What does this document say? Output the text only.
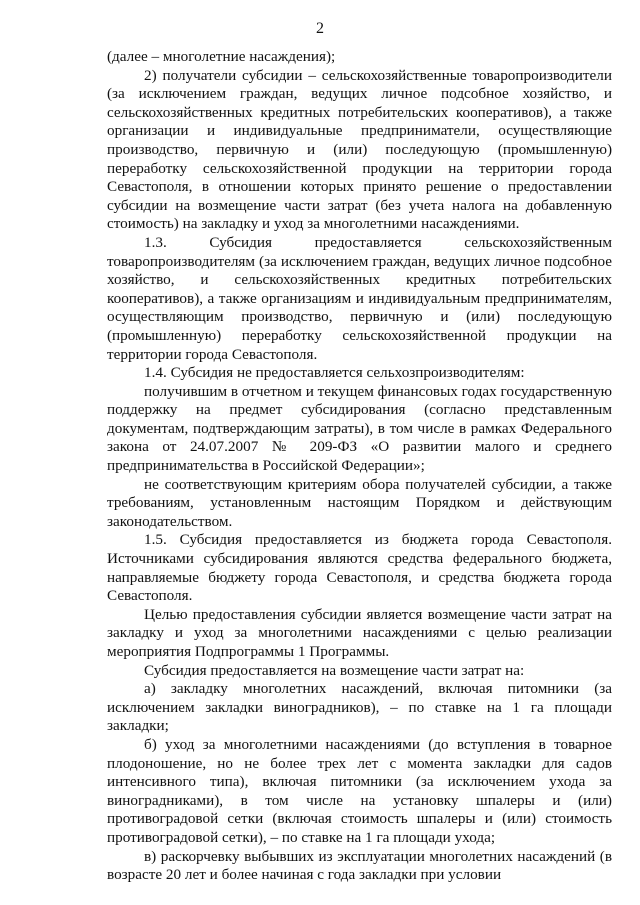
2

(далее – многолетние насаждения);

2) получатели субсидии – сельскохозяйственные товаропроизводители (за исключением граждан, ведущих личное подсобное хозяйство, и сельскохозяйственных кредитных потребительских кооперативов), а также организации и индивидуальные предприниматели, осуществляющие производство, первичную и (или) последующую (промышленную) переработку сельскохозяйственной продукции на территории города Севастополя, в отношении которых принято решение о предоставлении субсидии на возмещение части затрат (без учета налога на добавленную стоимость) на закладку и уход за многолетними насаждениями.

1.3. Субсидия предоставляется сельскохозяйственным товаропроизводителям (за исключением граждан, ведущих личное подсобное хозяйство, и сельскохозяйственных кредитных потребительских кооперативов), а также организациям и индивидуальным предпринимателям, осуществляющим производство, первичную и (или) последующую (промышленную) переработку сельскохозяйственной продукции на территории города Севастополя.

1.4. Субсидия не предоставляется сельхозпроизводителям:

получившим в отчетном и текущем финансовых годах государственную поддержку на предмет субсидирования (согласно представленным документам, подтверждающим затраты), в том числе в рамках Федерального закона от 24.07.2007 № 209-ФЗ «О развитии малого и среднего предпринимательства в Российской Федерации»;

не соответствующим критериям обора получателей субсидии, а также требованиям, установленным настоящим Порядком и действующим законодательством.

1.5. Субсидия предоставляется из бюджета города Севастополя. Источниками субсидирования являются средства федерального бюджета, направляемые бюджету города Севастополя, и средства бюджета города Севастополя.

Целью предоставления субсидии является возмещение части затрат на закладку и уход за многолетними насаждениями с целью реализации мероприятия Подпрограммы 1 Программы.

Субсидия предоставляется на возмещение части затрат на:

а) закладку многолетних насаждений, включая питомники (за исключением закладки виноградников), – по ставке на 1 га площади закладки;

б) уход за многолетними насаждениями (до вступления в товарное плодоношение, но не более трех лет с момента закладки для садов интенсивного типа), включая питомники (за исключением ухода за виноградниками), в том числе на установку шпалеры и (или) противоградовой сетки (включая стоимость шпалеры и (или) стоимость противоградовой сетки), – по ставке на 1 га площади ухода;

в) раскорчевку выбывших из эксплуатации многолетних насаждений (в возрасте 20 лет и более начиная с года закладки при условии
